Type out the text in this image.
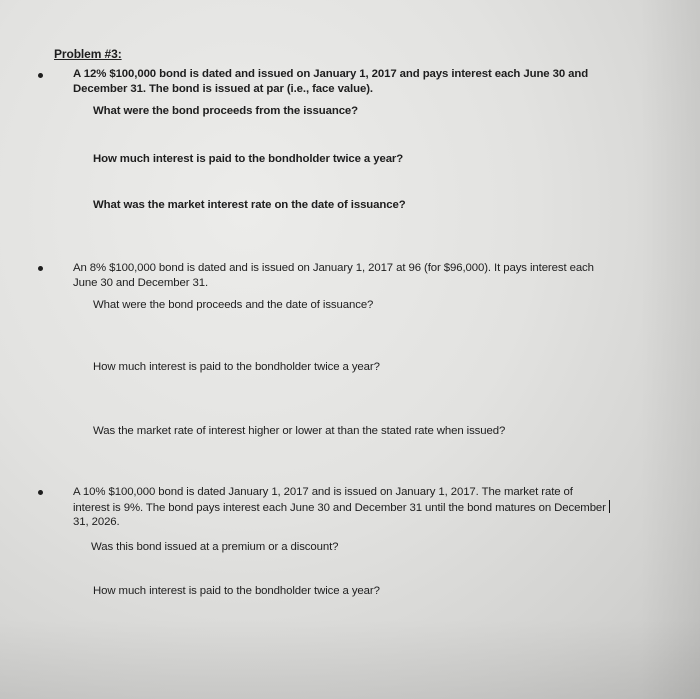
Problem #3:
A 12% $100,000 bond is dated and issued on January 1, 2017 and pays interest each June 30 and
December 31. The bond is issued at par (i.e., face value).
What were the bond proceeds from the issuance?
How much interest is paid to the bondholder twice a year?
What was the market interest rate on the date of issuance?
An 8% $100,000 bond is dated and is issued on January 1, 2017 at 96 (for $96,000). It pays interest each
June 30 and December 31.
What were the bond proceeds and the date of issuance?
How much interest is paid to the bondholder twice a year?
Was the market rate of interest higher or lower at than the stated rate when issued?
A 10% $100,000 bond is dated January 1, 2017 and is issued on January 1, 2017. The market rate of
interest is 9%. The bond pays interest each June 30 and December 31 until the bond matures on December
31, 2026.
Was this bond issued at a premium or a discount?
How much interest is paid to the bondholder twice a year?
